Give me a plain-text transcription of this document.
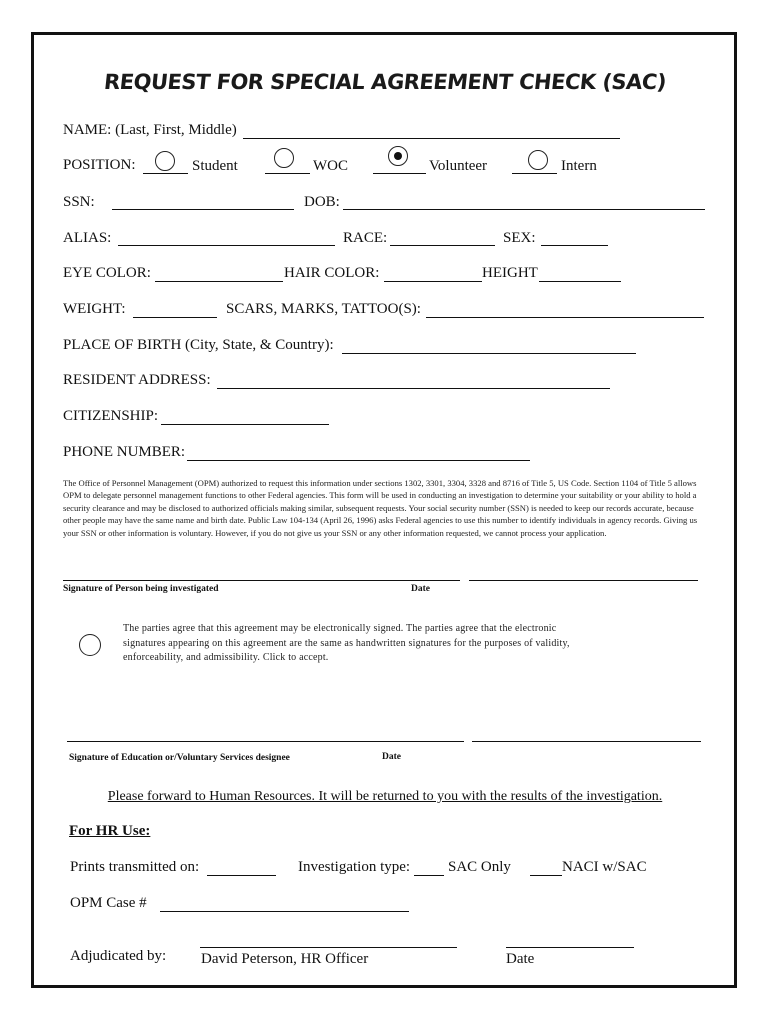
REQUEST FOR SPECIAL AGREEMENT CHECK (SAC)
NAME: (Last, First, Middle)
POSITION:	Student	WOC	Volunteer	Intern
SSN:	DOB:
ALIAS:	RACE:	SEX:
EYE COLOR:	HAIR COLOR:	HEIGHT
WEIGHT:	SCARS, MARKS, TATTOO(S):
PLACE OF BIRTH (City, State, & Country):
RESIDENT ADDRESS:
CITIZENSHIP:
PHONE NUMBER:
The Office of Personnel Management (OPM) authorized to request this information under sections 1302, 3301, 3304, 3328 and 8716 of Title 5, US Code. Section 1104 of Title 5 allows OPM to delegate personnel management functions to other Federal agencies. This form will be used in conducting an investigation to determine your suitability or your ability to hold a security clearance and may be disclosed to authorized officials making similar, subsequent requests. Your social security number (SSN) is needed to keep our records accurate, because other people may have the same name and birth date. Public Law 104-134 (April 26, 1996) asks Federal agencies to use this number to identify individuals in agency records. Giving us your SSN or other information is voluntary. However, if you do not give us your SSN or any other information requested, we cannot process your application.
Signature of Person being investigated	Date
The parties agree that this agreement may be electronically signed. The parties agree that the electronic signatures appearing on this agreement are the same as handwritten signatures for the purposes of validity, enforceability, and admissibility. Click to accept.
Signature of Education or/Voluntary Services designee	Date
Please forward to Human Resources. It will be returned to you with the results of the investigation.
For HR Use:
Prints transmitted on:	Investigation type:	SAC Only	NACI w/SAC
OPM Case #
Adjudicated by: David Peterson, HR Officer	Date
